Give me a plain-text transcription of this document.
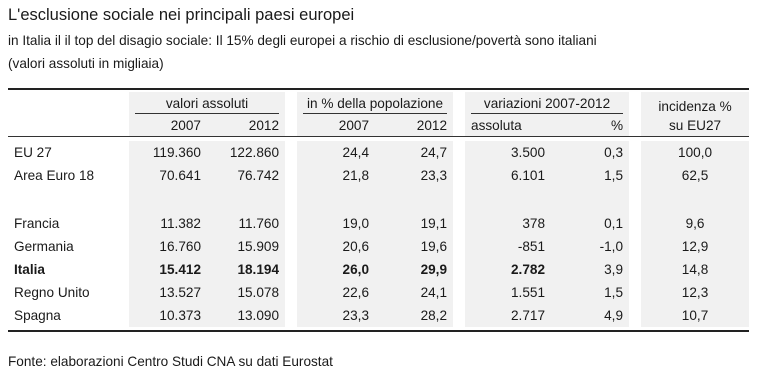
L'esclusione sociale nei principali paesi europei
in Italia il il top del disagio sociale: Il 15% degli europei a rischio di esclusione/povertà sono italiani
(valori assoluti in migliaia)

	valori assoluti			in % della popolazione			variazioni 2007-2012			incidenza %
	2007	2012		2007	2012		assoluta	%		su EU27

EU 27	119.360	122.860		24,4	24,7		3.500	0,3		100,0
Area Euro 18	70.641	76.742		21,8	23,3		6.101	1,5		62,5

Francia	11.382	11.760		19,0	19,1		378	0,1		9,6
Germania	16.760	15.909		20,6	19,6		-851	-1,0		12,9
Italia	15.412	18.194		26,0	29,9		2.782	3,9		14,8
Regno Unito	13.527	15.078		22,6	24,1		1.551	1,5		12,3
Spagna	10.373	13.090		23,3	28,2		2.717	4,9		10,7
Fonte: elaborazioni Centro Studi CNA su dati Eurostat
